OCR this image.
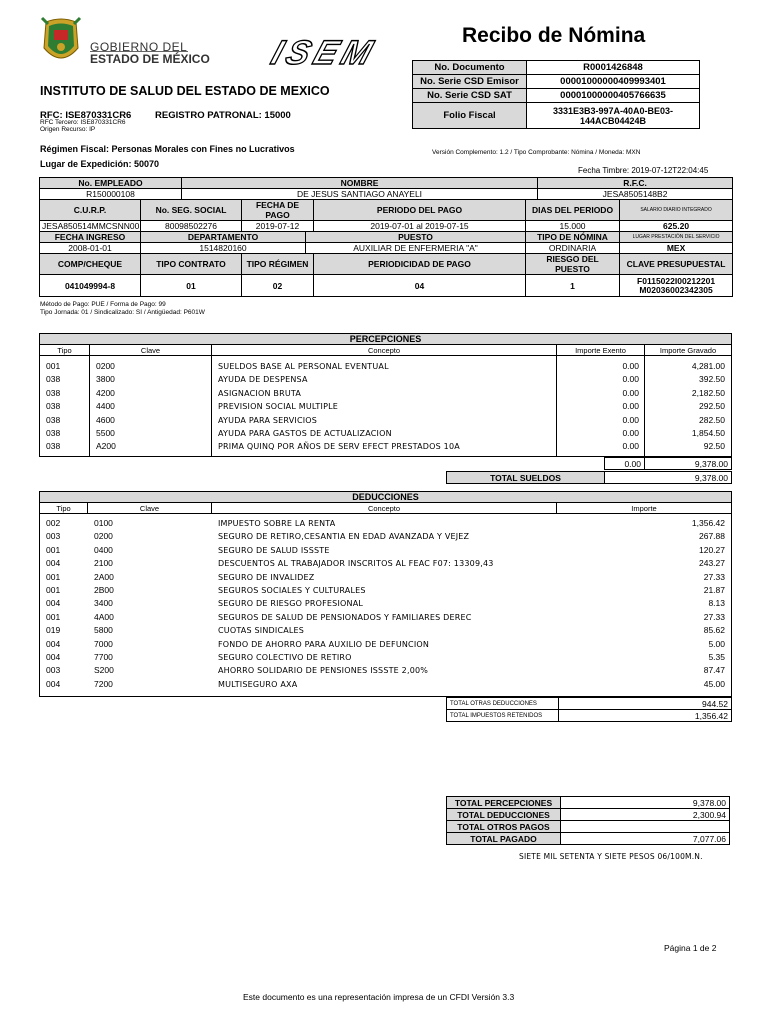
GOBIERNO DEL
ESTADO DE MÉXICO ISEM	Recibo de Nómina
No. Documento	R0001426848
No. Serie CSD Emisor	00001000000409993401
No. Serie CSD SAT	00001000000405766635
Folio Fiscal	3331E3B3-997A-40A0-BE03-144ACB04424B
Versión Complemento: 1.2 / Tipo Comprobante: Nómina / Moneda: MXN
Fecha Timbre: 2019-07-12T22:04:45
INSTITUTO DE SALUD DEL ESTADO DE MEXICO
RFC: ISE870331CR6 REGISTRO PATRONAL: 15000
RFC Tercero: ISE870331CR6
Origen Recurso: IP
Régimen Fiscal: Personas Morales con Fines no Lucrativos
Lugar de Expedición: 50070
No. EMPLEADO		NOMBRE					R.F.C.	
R150000108		DE JESUS SANTIAGO ANAYELI					JESA8505148B2	
C.U.R.P.	No. SEG. SOCIAL		FECHA DE PAGO		PERIODO DEL PAGO	DIAS DEL PERIODO		SALARIO DIARIO INTEGRADO
JESA850514MMCSNN00	80098502276		2019-07-12		2019-07-01 al 2019-07-15	15.000		625.20
FECHA INGRESO	DEPARTAMENTO			PUESTO		TIPO DE NÓMINA		LUGAR PRESTACIÓN DEL SERVICIO
2008-01-01	1514820160			AUXILIAR DE ENFERMERIA "A"		ORDINARIA		MEX
COMP/CHEQUE	TIPO CONTRATO		TIPO RÉGIMEN		PERIODICIDAD DE PAGO	RIESGO DEL PUESTO		CLAVE PRESUPUESTAL
041049994-8	01		02		04	1		F0115022I00212201 M02036002342305
Método de Pago: PUE / Forma de Pago: 99
Tipo Jornada: 01 / Sindicalizado: SI / Antigüedad: P601W
PERCEPCIONES
Tipo	Clave	Concepto	Importe Exento	Importe Gravado
001	0200	SUELDOS BASE AL PERSONAL EVENTUAL	0.00	4,281.00
038	3800	AYUDA DE DESPENSA	0.00	392.50
038	4200	ASIGNACION BRUTA	0.00	2,182.50
038	4400	PREVISION SOCIAL MULTIPLE	0.00	292.50
038	4600	AYUDA PARA SERVICIOS	0.00	282.50
038	5500	AYUDA PARA GASTOS DE ACTUALIZACION	0.00	1,854.50
038	A200	PRIMA QUINQ POR AÑOS DE SERV EFECT PRESTADOS 10A	0.00	92.50
0.00	9,378.00
TOTAL SUELDOS	9,378.00
DEDUCCIONES
Tipo	Clave	Concepto	Importe
002	0100	IMPUESTO SOBRE LA RENTA	1,356.42
003	0200	SEGURO DE RETIRO,CESANTIA EN EDAD AVANZADA Y VEJEZ	267.88
001	0400	SEGURO DE SALUD ISSSTE	120.27
004	2100	DESCUENTOS AL TRABAJADOR INSCRITOS AL FEAC F07: 13309,43	243.27
001	2A00	SEGURO DE INVALIDEZ	27.33
001	2B00	SEGUROS SOCIALES Y CULTURALES	21.87
004	3400	SEGURO DE RIESGO PROFESIONAL	8.13
001	4A00	SEGUROS DE SALUD DE PENSIONADOS Y FAMILIARES DEREC	27.33
019	5800	CUOTAS SINDICALES	85.62
004	7000	FONDO DE AHORRO PARA AUXILIO DE DEFUNCION	5.00
004	7700	SEGURO COLECTIVO DE RETIRO	5.35
003	S200	AHORRO SOLIDARIO DE PENSIONES ISSSTE 2,00%	87.47
004	7200	MULTISEGURO AXA	45.00
TOTAL OTRAS DEDUCCIONES	944.52
TOTAL IMPUESTOS RETENIDOS	1,356.42
TOTAL PERCEPCIONES	9,378.00
TOTAL DEDUCCIONES	2,300.94
TOTAL OTROS PAGOS	
TOTAL PAGADO	7,077.06
SIETE MIL SETENTA Y SIETE PESOS 06/100M.N.
Página 1 de 2
Este documento es una representación impresa de un CFDI Versión 3.3
